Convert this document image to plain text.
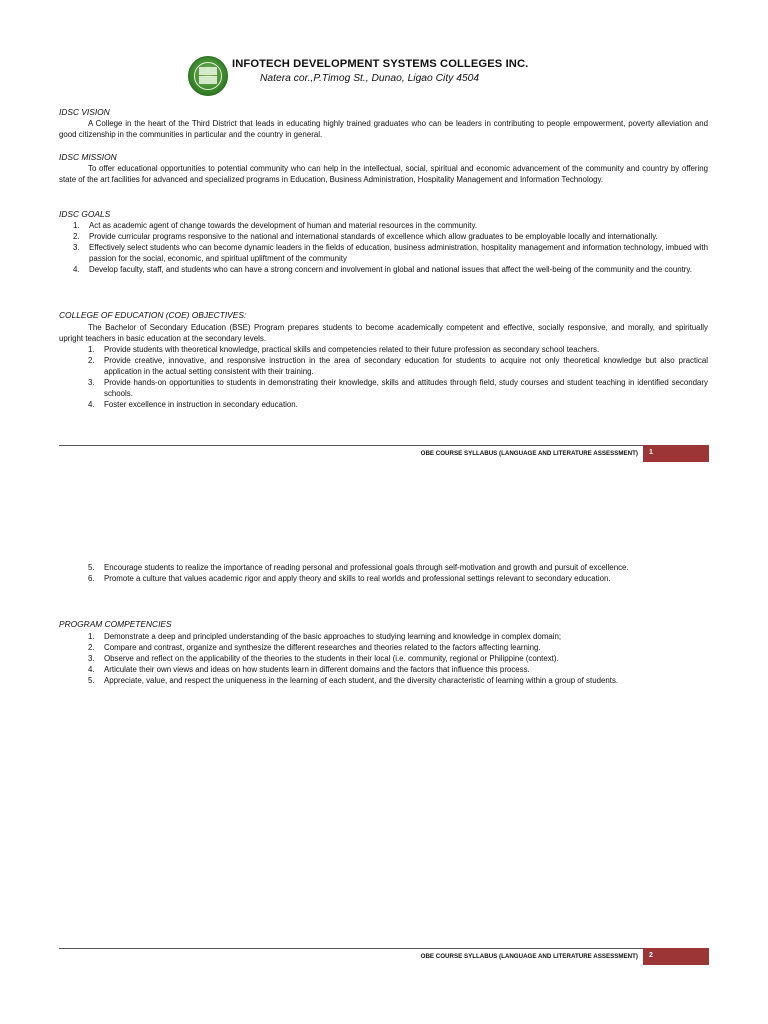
INFOTECH DEVELOPMENT SYSTEMS COLLEGES INC.
Natera cor.,P.Timog St., Dunao, Ligao City 4504
IDSC VISION
A College in the heart of the Third District that leads in educating highly trained graduates who can be leaders in contributing to people empowerment, poverty alleviation and good citizenship in the communities in particular and the country in general.
IDSC MISSION
To offer educational opportunities to potential community who can help in the intellectual, social, spiritual and economic advancement of the community and country by offering state of the art facilities for advanced and specialized programs in Education, Business Administration, Hospitality Management and Information Technology.
IDSC GOALS
1. Act as academic agent of change towards the development of human and material resources in the community.
2. Provide curricular programs responsive to the national and international standards of excellence which allow graduates to be employable locally and internationally.
3. Effectively select students who can become dynamic leaders in the fields of education, business administration, hospitality management and information technology, imbued with passion for the social, economic, and spiritual upliftment of the community
4. Develop faculty, staff, and students who can have a strong concern and involvement in global and national issues that affect the well-being of the community and the country.
COLLEGE OF EDUCATION (COE) OBJECTIVES:
The Bachelor of Secondary Education (BSE) Program prepares students to become academically competent and effective, socially responsive, and morally, and spiritually upright teachers in basic education at the secondary levels.
1. Provide students with theoretical knowledge, practical skills and competencies related to their future profession as secondary school teachers.
2. Provide creative, innovative, and responsive instruction in the area of secondary education for students to acquire not only theoretical knowledge but also practical application in the actual setting consistent with their training.
3. Provide hands-on opportunities to students in demonstrating their knowledge, skills and attitudes through field, study courses and student teaching in identified secondary schools.
4. Foster excellence in instruction in secondary education.
OBE COURSE SYLLABUS (LANGUAGE AND LITERATURE ASSESSMENT) 1
5. Encourage students to realize the importance of reading personal and professional goals through self-motivation and growth and pursuit of excellence.
6. Promote a culture that values academic rigor and apply theory and skills to real worlds and professional settings relevant to secondary education.
PROGRAM COMPETENCIES
1. Demonstrate a deep and principled understanding of the basic approaches to studying learning and knowledge in complex domain;
2. Compare and contrast, organize and synthesize the different researches and theories related to the factors affecting learning.
3. Observe and reflect on the applicability of the theories to the students in their local (i.e. community, regional or Philippine (context).
4. Articulate their own views and ideas on how students learn in different domains and the factors that influence this process.
5. Appreciate, value, and respect the uniqueness in the learning of each student, and the diversity characteristic of learning within a group of students.
OBE COURSE SYLLABUS (LANGUAGE AND LITERATURE ASSESSMENT) 2
